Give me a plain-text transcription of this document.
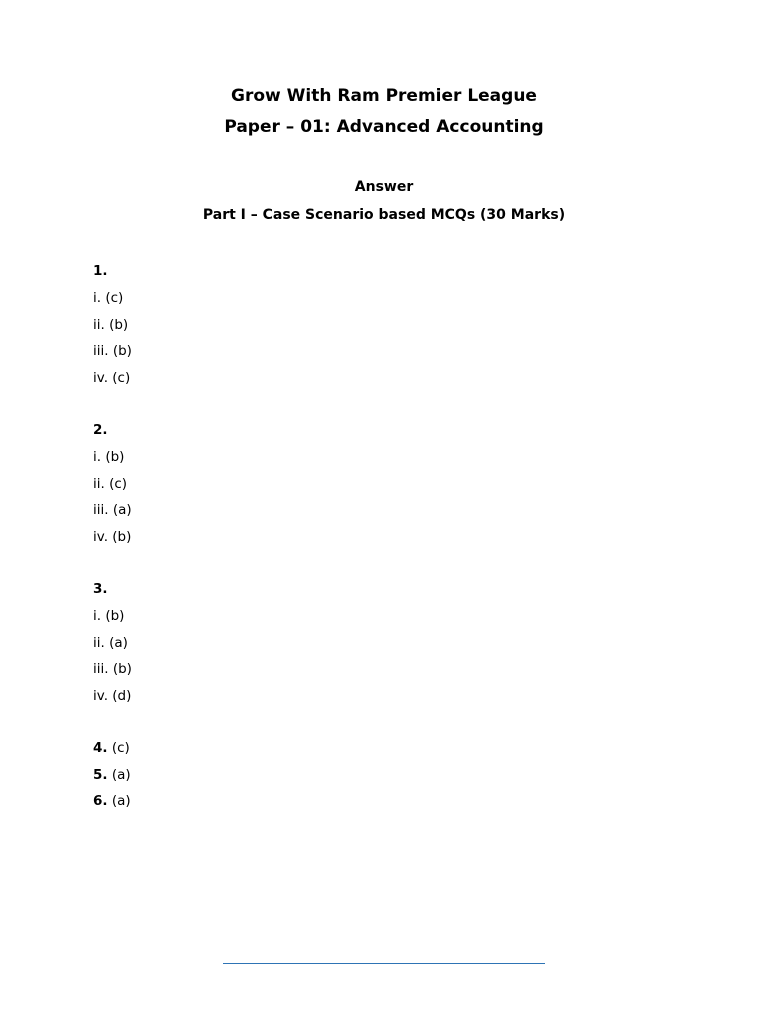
Grow With Ram Premier League
Paper – 01: Advanced Accounting
Answer
Part I – Case Scenario based MCQs (30 Marks)
1.
i. (c)
ii. (b)
iii. (b)
iv. (c)
2.
i. (b)
ii. (c)
iii. (a)
iv. (b)
3.
i. (b)
ii. (a)
iii. (b)
iv. (d)
4. (c)
5. (a)
6. (a)
